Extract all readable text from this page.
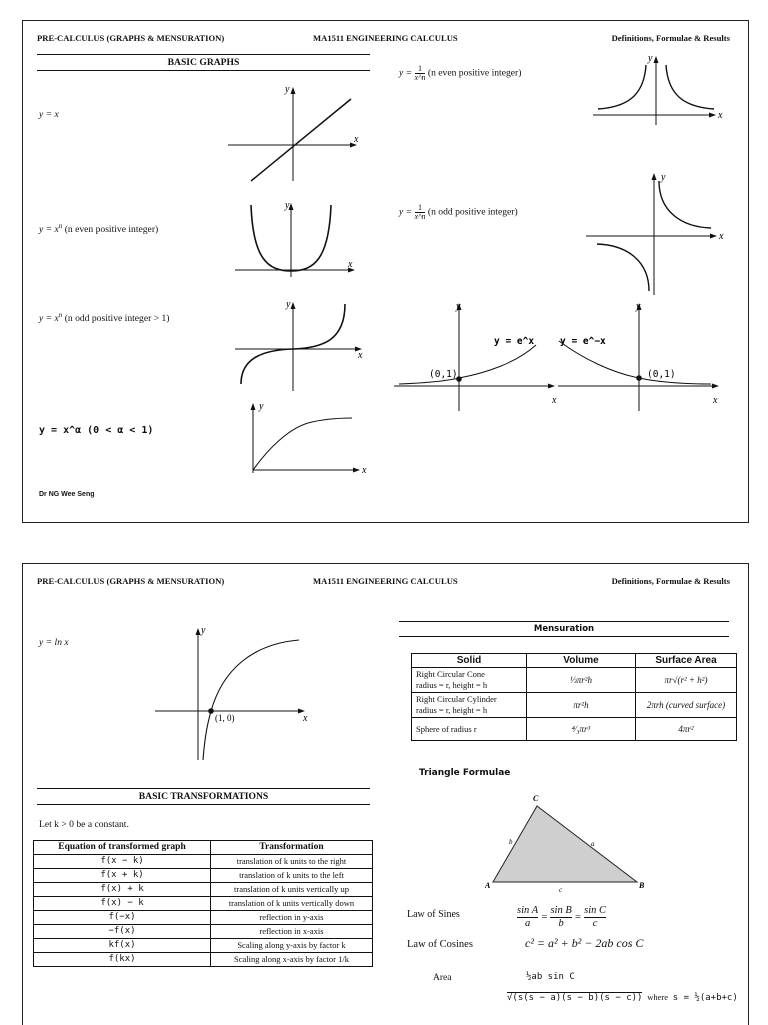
PRE-CALCULUS (GRAPHS & MENSURATION)	MA1511 ENGINEERING CALCULUS	Definitions, Formulae & Results
BASIC GRAPHS
y = x
y
x
$y = x^n$ (n even positive integer)
y
x
$y = x^n$ (n odd positive integer > 1)
y
x
y = x^α (0 < α < 1)
y
x
$y = \frac{1}{x\^{}n} (n$ even positive integer)
y
x
$y = \frac{1}{x\^{}n} (n$ odd positive integer)
y
x
y
x
(0,1)
y = e^x
y
x
(0,1)
y = e^−x
Dr NG Wee Seng
PRE-CALCULUS (GRAPHS & MENSURATION)	MA1511 ENGINEERING CALCULUS	Definitions, Formulae & Results
y = ln x
y
x
(1, 0)
BASIC TRANSFORMATIONS
Let k > 0 be a constant.
Equation of transformed graph	Transformation
f(x − k)	translation of k units to the right
f(x + k)	translation of k units to the left
f(x) + k	translation of k units vertically up
f(x) − k	translation of k units vertically down
f(−x)	reflection in y-axis
−f(x)	reflection in x-axis
kf(x)	Scaling along y-axis by factor k
f(kx)	Scaling along x-axis by factor 1/k
Mensuration
Solid	Volume	Surface Area
Right Circular Cone
radius = r, height = h	⅓πr²h	πr√(r² + h²)
Right Circular Cylinder
radius = r, height = h	πr²h	2πrh (curved surface)
Sphere of radius r	⁴⁄₃πr³	4πr²
Triangle Formulae
A
C
B
b	a
c
Law of Sines	sin A
a =
sin B
b =
sin C
c
Law of Cosines	c² = a² + b² − 2ab cos C
Area	½ab sin C
√(s(s − a)(s − b)(s − c)) where s = ½(a+b+c)
